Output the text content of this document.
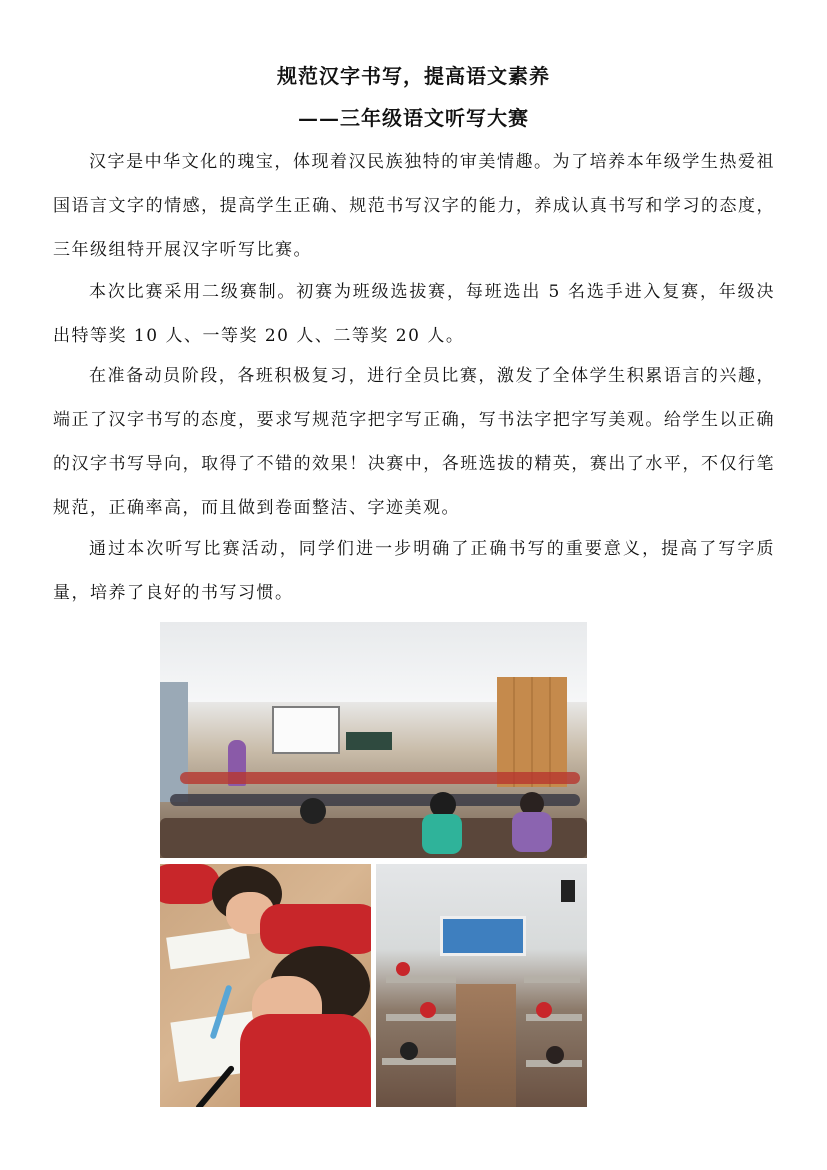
规范汉字书写，提高语文素养
——三年级语文听写大赛

汉字是中华文化的瑰宝，体现着汉民族独特的审美情趣。为了培养本年级学生热爱祖国语言文字的情感，提高学生正确、规范书写汉字的能力，养成认真书写和学习的态度，三年级组特开展汉字听写比赛。

本次比赛采用二级赛制。初赛为班级选拔赛，每班选出 5 名选手进入复赛，年级决出特等奖 10 人、一等奖 20 人、二等奖 20 人。

在准备动员阶段，各班积极复习，进行全员比赛，激发了全体学生积累语言的兴趣，端正了汉字书写的态度，要求写规范字把字写正确，写书法字把字写美观。给学生以正确的汉字书写导向，取得了不错的效果！决赛中，各班选拔的精英，赛出了水平，不仅行笔规范，正确率高，而且做到卷面整洁、字迹美观。

通过本次听写比赛活动，同学们进一步明确了正确书写的重要意义，提高了写字质量，培养了良好的书写习惯。
